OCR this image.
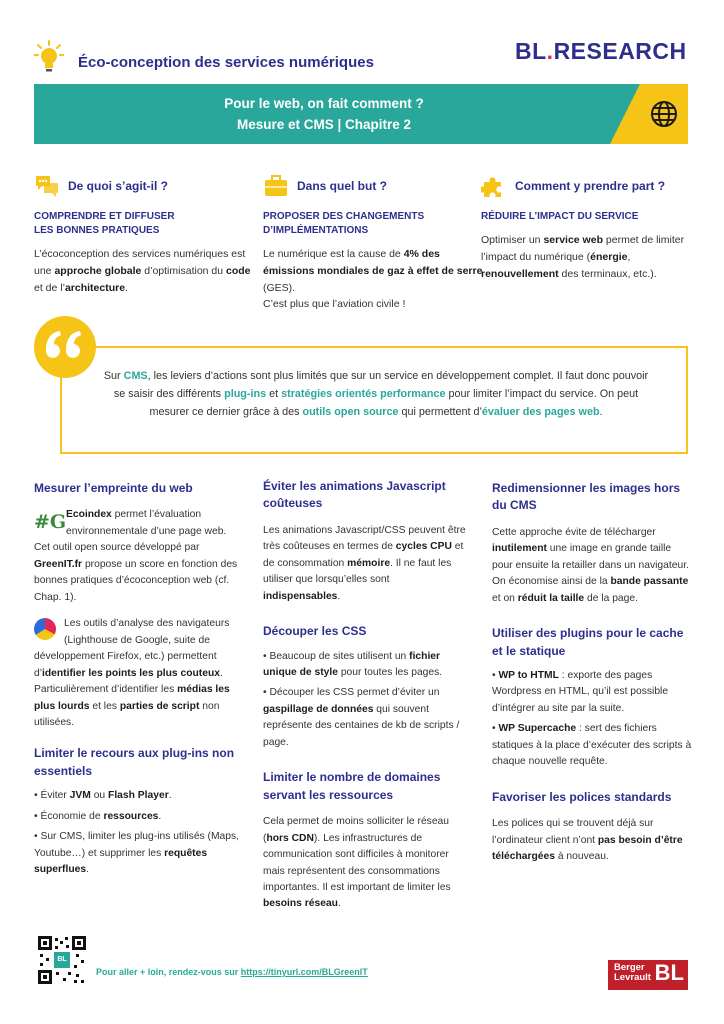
Éco-conception des services numériques	BL.RESEARCH
Pour le web, on fait comment ?
Mesure et CMS | Chapitre 2
De quoi s’agit-il ?
COMPRENDRE ET DIFFUSER
LES BONNES PRATIQUES
L’écoconception des services numériques est une approche globale d’optimisation du code et de l’architecture.
Dans quel but ?
PROPOSER DES CHANGEMENTS
D’IMPLÉMENTATIONS
Le numérique est la cause de 4% des émissions mondiales de gaz à effet de serre (GES).
C’est plus que l’aviation civile !
Comment y prendre part ?
RÉDUIRE L’IMPACT DU SERVICE
Optimiser un service web permet de limiter l’impact du numérique (énergie, renouvellement des terminaux, etc.).
Sur CMS, les leviers d’actions sont plus limités que sur un service en développement complet. Il faut donc pouvoir se saisir des différents plug-ins et stratégies orientés performance pour limiter l’impact du service. On peut mesurer ce dernier grâce à des outils open source qui permettent d’évaluer des pages web.
Mesurer l’empreinte du web
#G Ecoindex permet l’évaluation environnementale d’une page web. Cet outil open source développé par GreenIT.fr propose un score en fonction des bonnes pratiques d’écoconception web (cf. Chap. 1).
Les outils d’analyse des navigateurs (Lighthouse de Google, suite de développement Firefox, etc.) permettent d’identifier les points les plus couteux. Particulièrement d’identifier les médias les plus lourds et les parties de script non utilisées.
Limiter le recours aux plug-ins non essentiels
• Éviter JVM ou Flash Player.
• Économie de ressources.
• Sur CMS, limiter les plug-ins utilisés (Maps, Youtube…) et supprimer les requêtes superflues.
Éviter les animations Javascript coûteuses
Les animations Javascript/CSS peuvent être très coûteuses en termes de cycles CPU et de consommation mémoire. Il ne faut les utiliser que lorsqu’elles sont indispensables.
Découper les CSS
• Beaucoup de sites utilisent un fichier unique de style pour toutes les pages.
• Découper les CSS permet d’éviter un gaspillage de données qui souvent représente des centaines de kb de scripts / page.
Limiter le nombre de domaines servant les ressources
Cela permet de moins solliciter le réseau (hors CDN). Les infrastructures de communication sont difficiles à monitorer mais représentent des consommations importantes. Il est important de limiter les besoins réseau.
Redimensionner les images hors du CMS
Cette approche évite de télécharger inutilement une image en grande taille pour ensuite la retailler dans un navigateur. On économise ainsi de la bande passante et on réduit la taille de la page.
Utiliser des plugins pour le cache et le statique
• WP to HTML : exporte des pages Wordpress en HTML, qu’il est possible d’intégrer au site par la suite.
• WP Supercache : sert des fichiers statiques à la place d’exécuter des scripts à chaque nouvelle requête.
Favoriser les polices standards
Les polices qui se trouvent déjà sur l’ordinateur client n’ont pas besoin d’être téléchargées à nouveau.
BL
Pour aller + loin, rendez-vous sur https://tinyurl.com/BLGreenIT	Berger
Levrault BL
